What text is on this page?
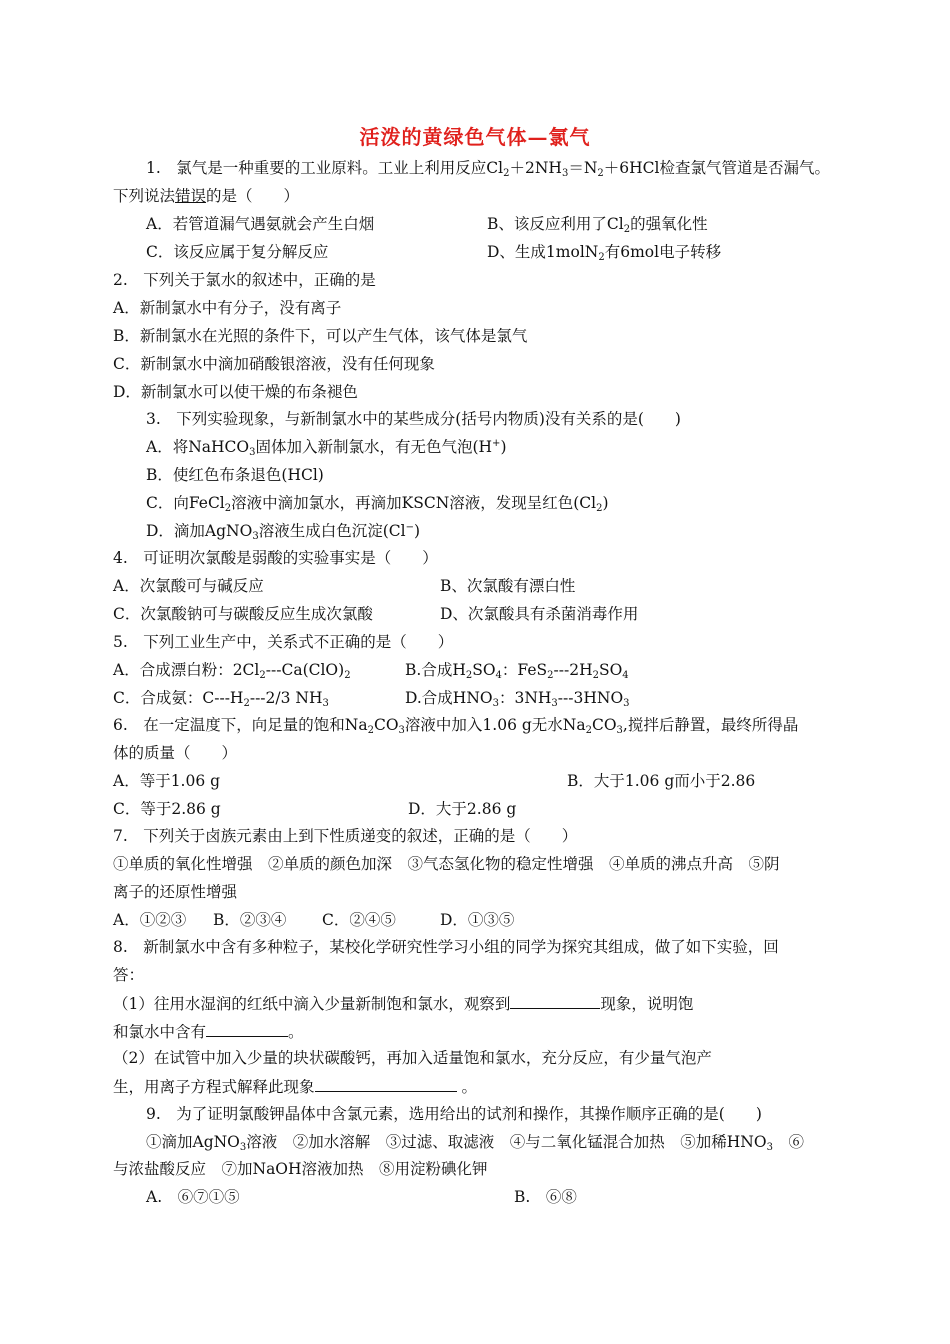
活泼的黄绿色气体—氯气
1.　氯气是一种重要的工业原料。工业上利用反应$Cl_2+2NH_3=N_2+6HCl$检查氯气管道是否漏气。
下列说法错误的是（　　）
A．若管道漏气遇氨就会产生白烟	B、该反应利用了$Cl_2$的强氧化性
C．该反应属于复分解反应	D、生成1molN$_2$有6mol电子转移
2.　下列关于氯水的叙述中，正确的是
A．新制氯水中有分子，没有离子
B．新制氯水在光照的条件下，可以产生气体，该气体是氯气
C．新制氯水中滴加硝酸银溶液，没有任何现象
D．新制氯水可以使干燥的布条褪色
3.　下列实验现象，与新制氯水中的某些成分(括号内物质)没有关系的是(　　)
A．将NaHCO$_3$固体加入新制氯水，有无色气泡(H+)
B．使红色布条退色(HCl)
C．向FeCl$_2$溶液中滴加氯水，再滴加KSCN溶液，发现呈红色$(Cl_2)$
D．滴加AgNO$_3$溶液生成白色沉淀(Cl−)
4.　可证明次氯酸是弱酸的实验事实是（　　）
A．次氯酸可与碱反应	B、次氯酸有漂白性
C．次氯酸钠可与碳酸反应生成次氯酸	D、次氯酸具有杀菌消毒作用
5.　下列工业生产中，关系式不正确的是（　　）
A．合成漂白粉：$2Cl_2---Ca(ClO)_2$	B.合成$H_2SO_4$：$FeS_2---2H_2SO_4$
C．合成氨：$C---H_2---2/3$ $NH_3$	D.合成$HNO_3$：$3NH_3---3HNO_3$
6.　在一定温度下，向足量的饱和$Na_2CO_3$溶液中加入1.06 g无水$Na_2CO_3$,搅拌后静置，最终所得晶
体的质量（　　）
A．等于1.06 g	B．大于1.06 g而小于2.86
C．等于2.86 g	D．大于2.86 g
7.　下列关于卤族元素由上到下性质递变的叙述，正确的是（　　）
①单质的氧化性增强　②单质的颜色加深　③气态氢化物的稳定性增强　④单质的沸点升高　⑤阴
离子的还原性增强
A．①②③ B．②③④ C．②④⑤	D．①③⑤
8.　新制氯水中含有多种粒子，某校化学研究性学习小组的同学为探究其组成，做了如下实验，回
答：
（1）往用水湿润的红纸中滴入少量新制饱和氯水，观察到	现象，说明饱
和氯水中含有	。
（2）在试管中加入少量的块状碳酸钙，再加入适量饱和氯水，充分反应，有少量气泡产
生，用离子方程式解释此现象	。
9.　为了证明氯酸钾晶体中含氯元素，选用给出的试剂和操作，其操作顺序正确的是(　　)
①滴加AgNO$_3$溶液　②加水溶解　③过滤、取滤液　④与二氧化锰混合加热　⑤加稀$HNO_3$　⑥
与浓盐酸反应　⑦加NaOH溶液加热　⑧用淀粉碘化钾
A.　⑥⑦①⑤	B.　⑥⑧
